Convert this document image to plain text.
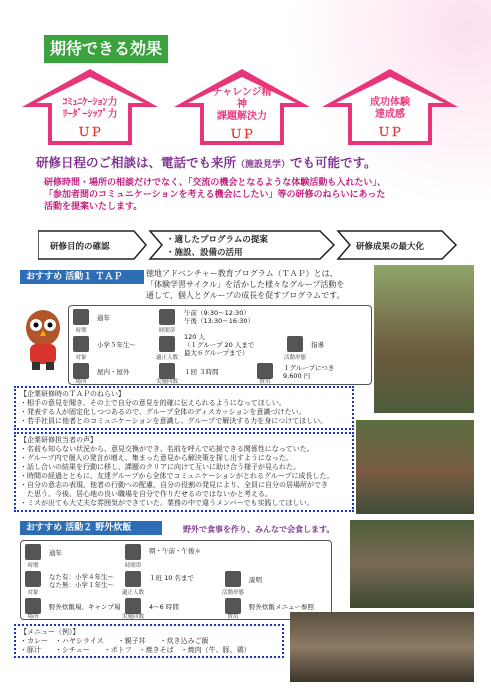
期待できる効果
ｺﾐｭﾆｹｰｼｮﾝ力
ﾘｰﾀﾞｰｼｯﾌﾟ力
ＵＰ
チャレンジ精
神
課題解決力
ＵＰ
成功体験
達成感
ＵＰ
研修日程のご相談は、電話でも来所（施設見学）でも可能です。
研修時間・場所の相談だけでなく、「交流の機会となるような体験活動も入れたい」、
「参加者間のコミュニケーションを考える機会にしたい」等の研修のねらいにあった
活動を提案いたします。
研修目的の確認
・適したプログラムの提案
・施設、設備の活用
研修成果の最大化
おすすめ 活動１ ＴＡＰ	徳地アドベンチャー教育プログラム（ＴＡＰ）とは、
「体験学習サイクル」を活かした様々なグループ活動を
通して、個人とグループの成長を促すプログラムです。
時期
通年
時間帯
午前（9:30～12:30）
午後（13:30～16:30）
対象
小学５年生～
適正人数
120 人
（１グループ 20 人まで
最大６グループまで）
活動形態
指導
場所
屋内・屋外
実施回数
１回 ３時間
費用
１グループにつき
9,600 円
【企業研修時のＴＡＰのねらい】
・相手の意見を聞き、その上で自分の意見を的確に伝えられるようになってほしい。
・発表する人が固定化しつつあるので、グループ全体のディスカッションを意識づけたい。
・若手社員に他者とのコミュニケーションを意識し、グループで解決する力を身につけてほしい。
【企業研修担当者の声】
・名前も知らない状況から、意見交換ができ、名前を呼んで応援できる関係性になっていた。
・グループ内で個人の発言が増え、集まった意見から解決策を探し出すようになった。
・話し合いの結果を行動に移し、課題のクリアに向けて互いに助け合う様子が見られた。
・時間の経過とともに、友達グループから全体でコミュニケーションがとれるグループに成長した。
・自分の意志の表現、他者の行動への配慮、自分の役割の発見により、全員に自分の居場所ができ
　た思う。今後、居心地の良い職場を自分で作りだせるのではないかと考える。
・ミスが出ても大丈夫な雰囲気ができていた。業務の中で違うメンバーでも实践してほしい。
おすすめ 活動２ 野外炊飯	野外で食事を作り、みんなで会食します。
時期
通年
時間帯
朝・午前・午後＊
対象
なた有：小学４年生～
なた無：小学１年生～
適正人数
１班 10 名まで
活動形態
説明
場所
野外炊飯場、キャンプ場
実施回数
4～6 時間
費用
野外炊飯メニュー参照
【メニュー（例）】
・カレー　・ハヤシライス　　・親子丼　　・炊き込みご飯
・豚汁　　・シチュー　　・ポトフ　・焼きそば　・焼肉（牛、豚、鶏）
